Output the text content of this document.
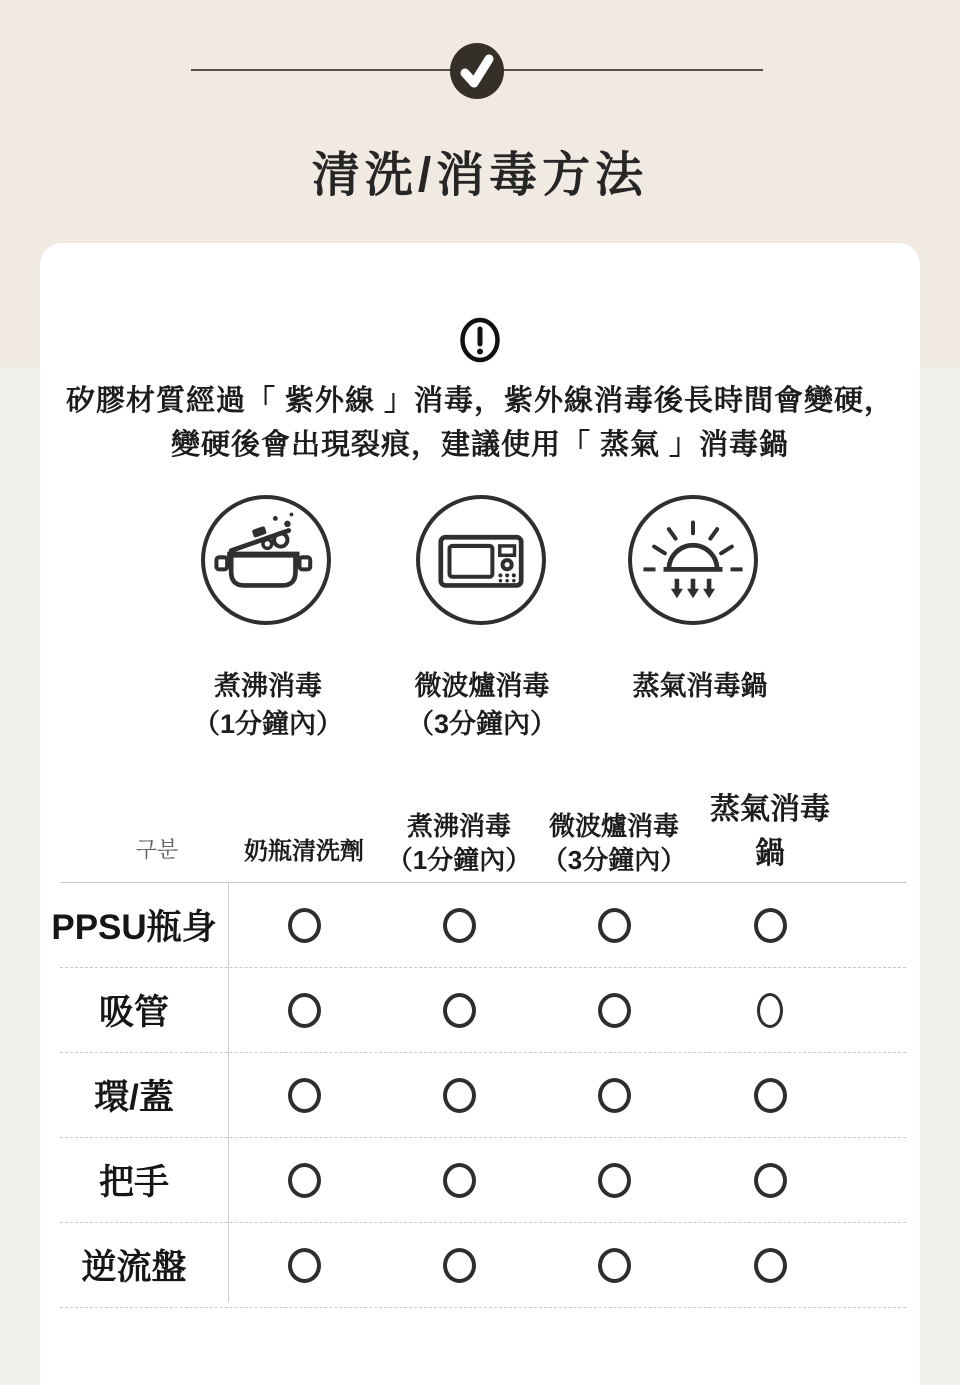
清洗/消毒方法

矽膠材質經過「 紫外線 」消毒，紫外線消毒後長時間會變硬，
變硬後會出現裂痕，建議使用「 蒸氣 」消毒鍋

煮沸消毒
（1分鐘內）
微波爐消毒
（3分鐘內）
蒸氣消毒鍋
구분	奶瓶清洗劑
煮沸消毒
（1分鐘內）
微波爐消毒
（3分鐘內）
蒸氣消毒鍋
PPSU瓶身
吸管
環/蓋
把手
逆流盤
